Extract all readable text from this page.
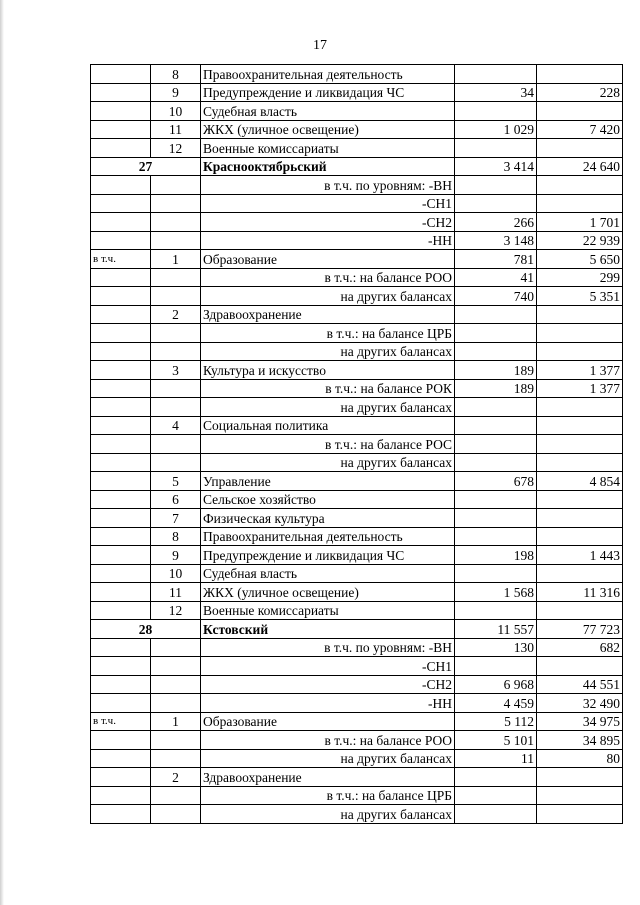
17
	8	Правоохранительная деятельность		
	9	Предупреждение и ликвидация ЧС	34	228
	10	Судебная власть		
	11	ЖКХ (уличное освещение)	1 029	7 420
	12	Военные комиссариаты		
27		Краснооктябрьский	3 414	24 640
		в т.ч. по уровням: -ВН		
		-СН1		
		-СН2	266	1 701
		-НН	3 148	22 939
в т.ч.	1	Образование	781	5 650
		в т.ч.: на балансе РОО	41	299
		на других балансах	740	5 351
	2	Здравоохранение		
		в т.ч.: на балансе ЦРБ		
		на других балансах		
	3	Культура и искусство	189	1 377
		в т.ч.: на балансе РОК	189	1 377
		на других балансах		
	4	Социальная политика		
		в т.ч.: на балансе РОС		
		на других балансах		
	5	Управление	678	4 854
	6	Сельское хозяйство		
	7	Физическая культура		
	8	Правоохранительная деятельность		
	9	Предупреждение и ликвидация ЧС	198	1 443
	10	Судебная власть		
	11	ЖКХ (уличное освещение)	1 568	11 316
	12	Военные комиссариаты		
28		Кстовский	11 557	77 723
		в т.ч. по уровням: -ВН	130	682
		-СН1		
		-СН2	6 968	44 551
		-НН	4 459	32 490
в т.ч.	1	Образование	5 112	34 975
		в т.ч.: на балансе РОО	5 101	34 895
		на других балансах	11	80
	2	Здравоохранение		
		в т.ч.: на балансе ЦРБ		
		на других балансах		
